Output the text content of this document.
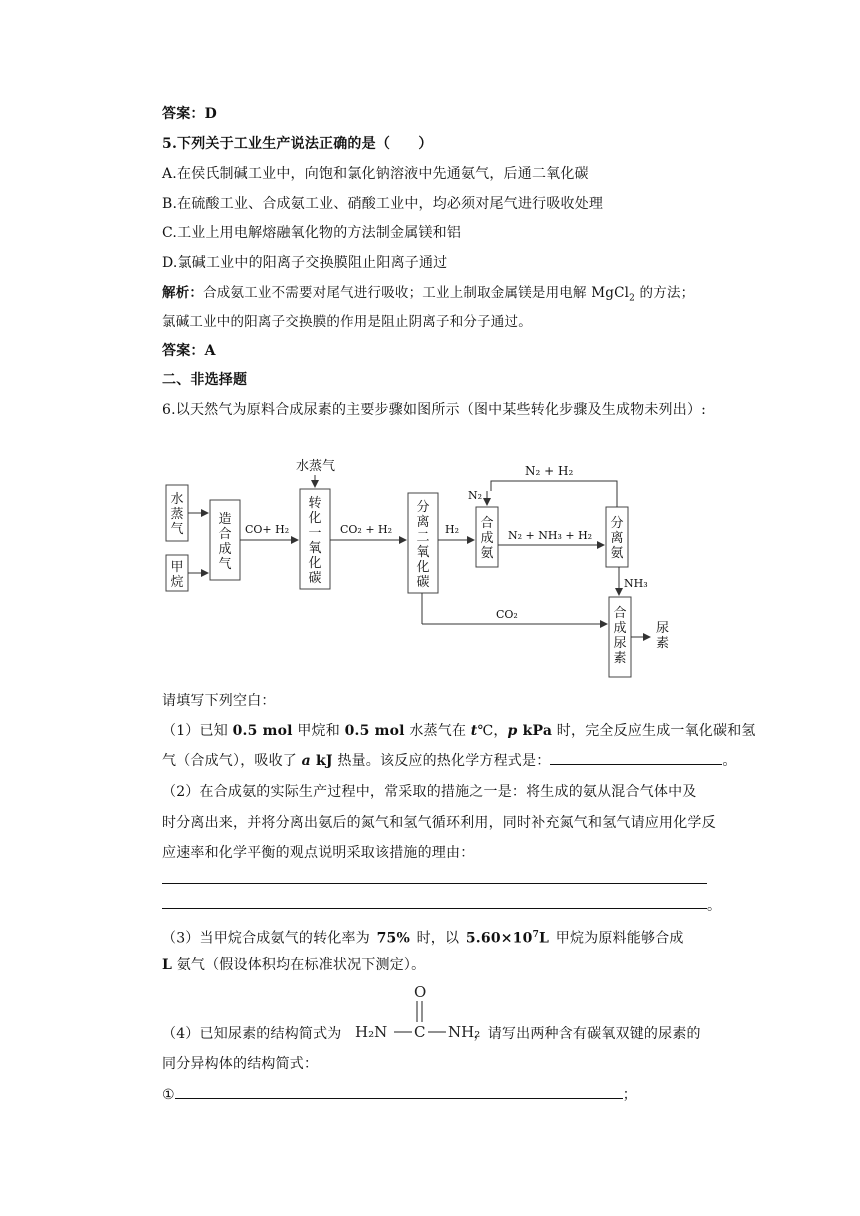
答案：D
5.下列关于工业生产说法正确的是（　　）
A.在侯氏制碱工业中，向饱和氯化钠溶液中先通氨气，后通二氧化碳
B.在硫酸工业、合成氨工业、硝酸工业中，均必须对尾气进行吸收处理
C.工业上用电解熔融氧化物的方法制金属镁和铝
D.氯碱工业中的阳离子交换膜阻止阳离子通过
解析：合成氨工业不需要对尾气进行吸收；工业上制取金属镁是用电解 MgCl$_2$ 的方法；
氯碱工业中的阳离子交换膜的作用是阻止阴离子和分子通过。
答案：A
二、非选择题
6.以天然气为原料合成尿素的主要步骤如图所示（图中某些转化步骤及生成物未列出）:
水蒸气
甲烷
造合成气
转化一氧化碳
分离二氧化碳
合成氨
分离氨
合成尿素
水蒸气
CO+ H₂	CO₂ + H₂	H₂
N₂
N₂ + H₂
N₂ + NH₃ + H₂
NH₃
CO₂
尿素
请填写下列空白：
（1）已知 0.5 mol 甲烷和 0.5 mol 水蒸气在 t℃，p kPa 时，完全反应生成一氧化碳和氢
气（合成气），吸收了 a kJ 热量。该反应的热化学方程式是：	。
（2）在合成氨的实际生产过程中，常采取的措施之一是：将生成的氨从混合气体中及
时分离出来，并将分离出氨后的氮气和氢气循环利用，同时补充氮气和氢气请应用化学反
应速率和化学平衡的观点说明采取该措施的理由：
。
（3）当甲烷合成氨气的转化率为 75% 时，以 $5.60\times 10^7L$ 甲烷为原料能够合成
L 氨气（假设体积均在标准状况下测定）。
（4）已知尿素的结构简式为	，请写出两种含有碳氧双键的尿素的
O
H₂N C NH₂
同分异构体的结构简式：
①	；
